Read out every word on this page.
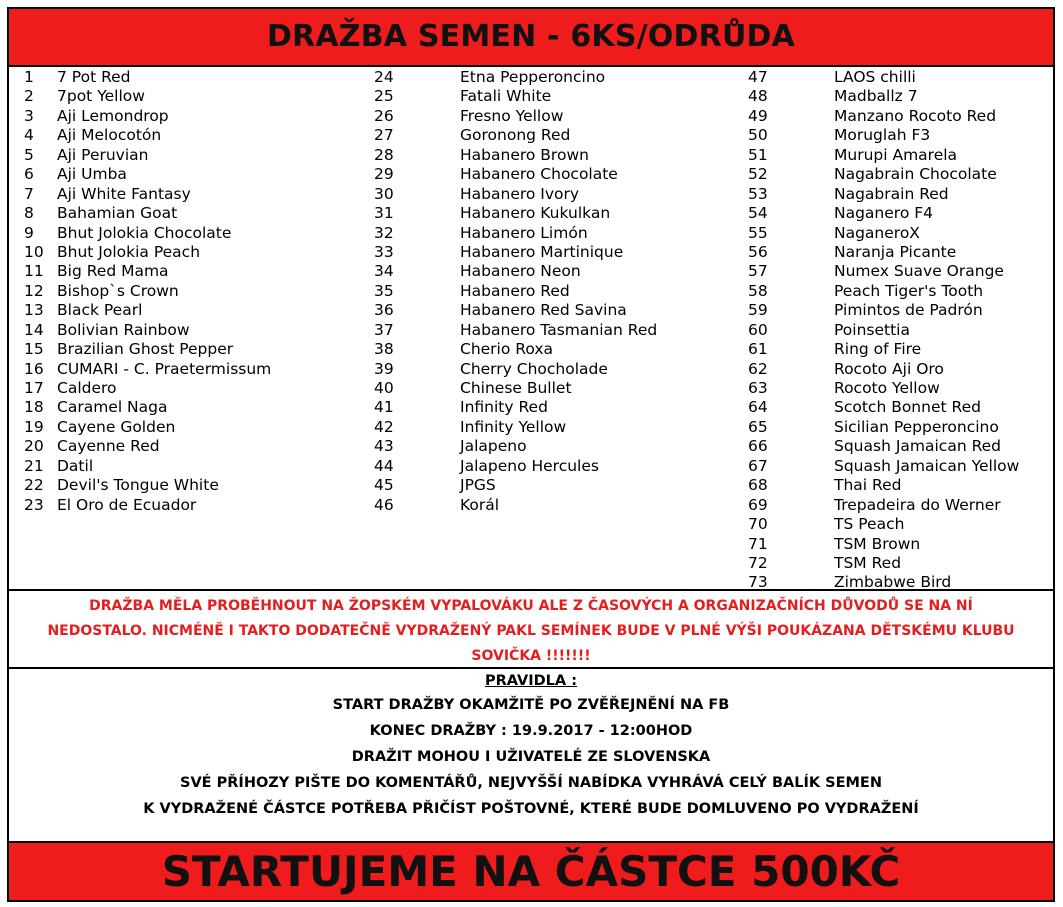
DRAŽBA SEMEN - 6KS/ODRŮDA
1 7 Pot Red
2 7pot Yellow
3 Aji Lemondrop
4 Aji Melocotón
5 Aji Peruvian
6 Aji Umba
7 Aji White Fantasy
8 Bahamian Goat
9 Bhut Jolokia Chocolate
10 Bhut Jolokia Peach
11 Big Red Mama
12 Bishop`s Crown
13 Black Pearl
14 Bolivian Rainbow
15 Brazilian Ghost Pepper
16 CUMARI - C. Praetermissum
17 Caldero
18 Caramel Naga
19 Cayene Golden
20 Cayenne Red
21 Datil
22 Devil's Tongue White
23 El Oro de Ecuador
24	Etna Pepperoncino
25	Fatali White
26	Fresno Yellow
27	Goronong Red
28	Habanero Brown
29	Habanero Chocolate
30	Habanero Ivory
31	Habanero Kukulkan
32	Habanero Limón
33	Habanero Martinique
34	Habanero Neon
35	Habanero Red
36	Habanero Red Savina
37	Habanero Tasmanian Red
38	Cherio Roxa
39	Cherry Chocholade
40	Chinese Bullet
41	Infinity Red
42	Infinity Yellow
43	Jalapeno
44	Jalapeno Hercules
45	JPGS
46	Korál
47	LAOS chilli
48	Madballz 7
49	Manzano Rocoto Red
50	Moruglah F3
51	Murupi Amarela
52	Nagabrain Chocolate
53	Nagabrain Red
54	Naganero F4
55	NaganeroX
56	Naranja Picante
57	Numex Suave Orange
58	Peach Tiger's Tooth
59	Pimintos de Padrón
60	Poinsettia
61	Ring of Fire
62	Rocoto Aji Oro
63	Rocoto Yellow
64	Scotch Bonnet Red
65	Sicilian Pepperoncino
66	Squash Jamaican Red
67	Squash Jamaican Yellow
68	Thai Red
69	Trepadeira do Werner
70	TS Peach
71	TSM Brown
72	TSM Red
73	Zimbabwe Bird
DRAŽBA MĚLA PROBĚHNOUT NA ŽOPSKÉM VYPALOVÁKU ALE Z ČASOVÝCH A ORGANIZAČNÍCH DŮVODŮ SE NA NÍ
NEDOSTALO. NICMÉNĚ I TAKTO DODATEČNĚ VYDRAŽENÝ PAKL SEMÍNEK BUDE V PLNÉ VÝŠI POUKÁZANA DĚTSKÉMU KLUBU
SOVIČKA !!!!!!!
PRAVIDLA :
START DRAŽBY OKAMŽITĚ PO ZVĚŘEJNĚNÍ NA FB
KONEC DRAŽBY : 19.9.2017 - 12:00HOD
DRAŽIT MOHOU I UŽIVATELÉ ZE SLOVENSKA
SVÉ PŘÍHOZY PIŠTE DO KOMENTÁŘŮ, NEJVYŠŠÍ NABÍDKA VYHRÁVÁ CELÝ BALÍK SEMEN
K VYDRAŽENÉ ČÁSTCE POTŘEBA PŘIČÍST POŠTOVNÉ, KTERÉ BUDE DOMLUVENO PO VYDRAŽENÍ
STARTUJEME NA ČÁSTCE 500KČ
